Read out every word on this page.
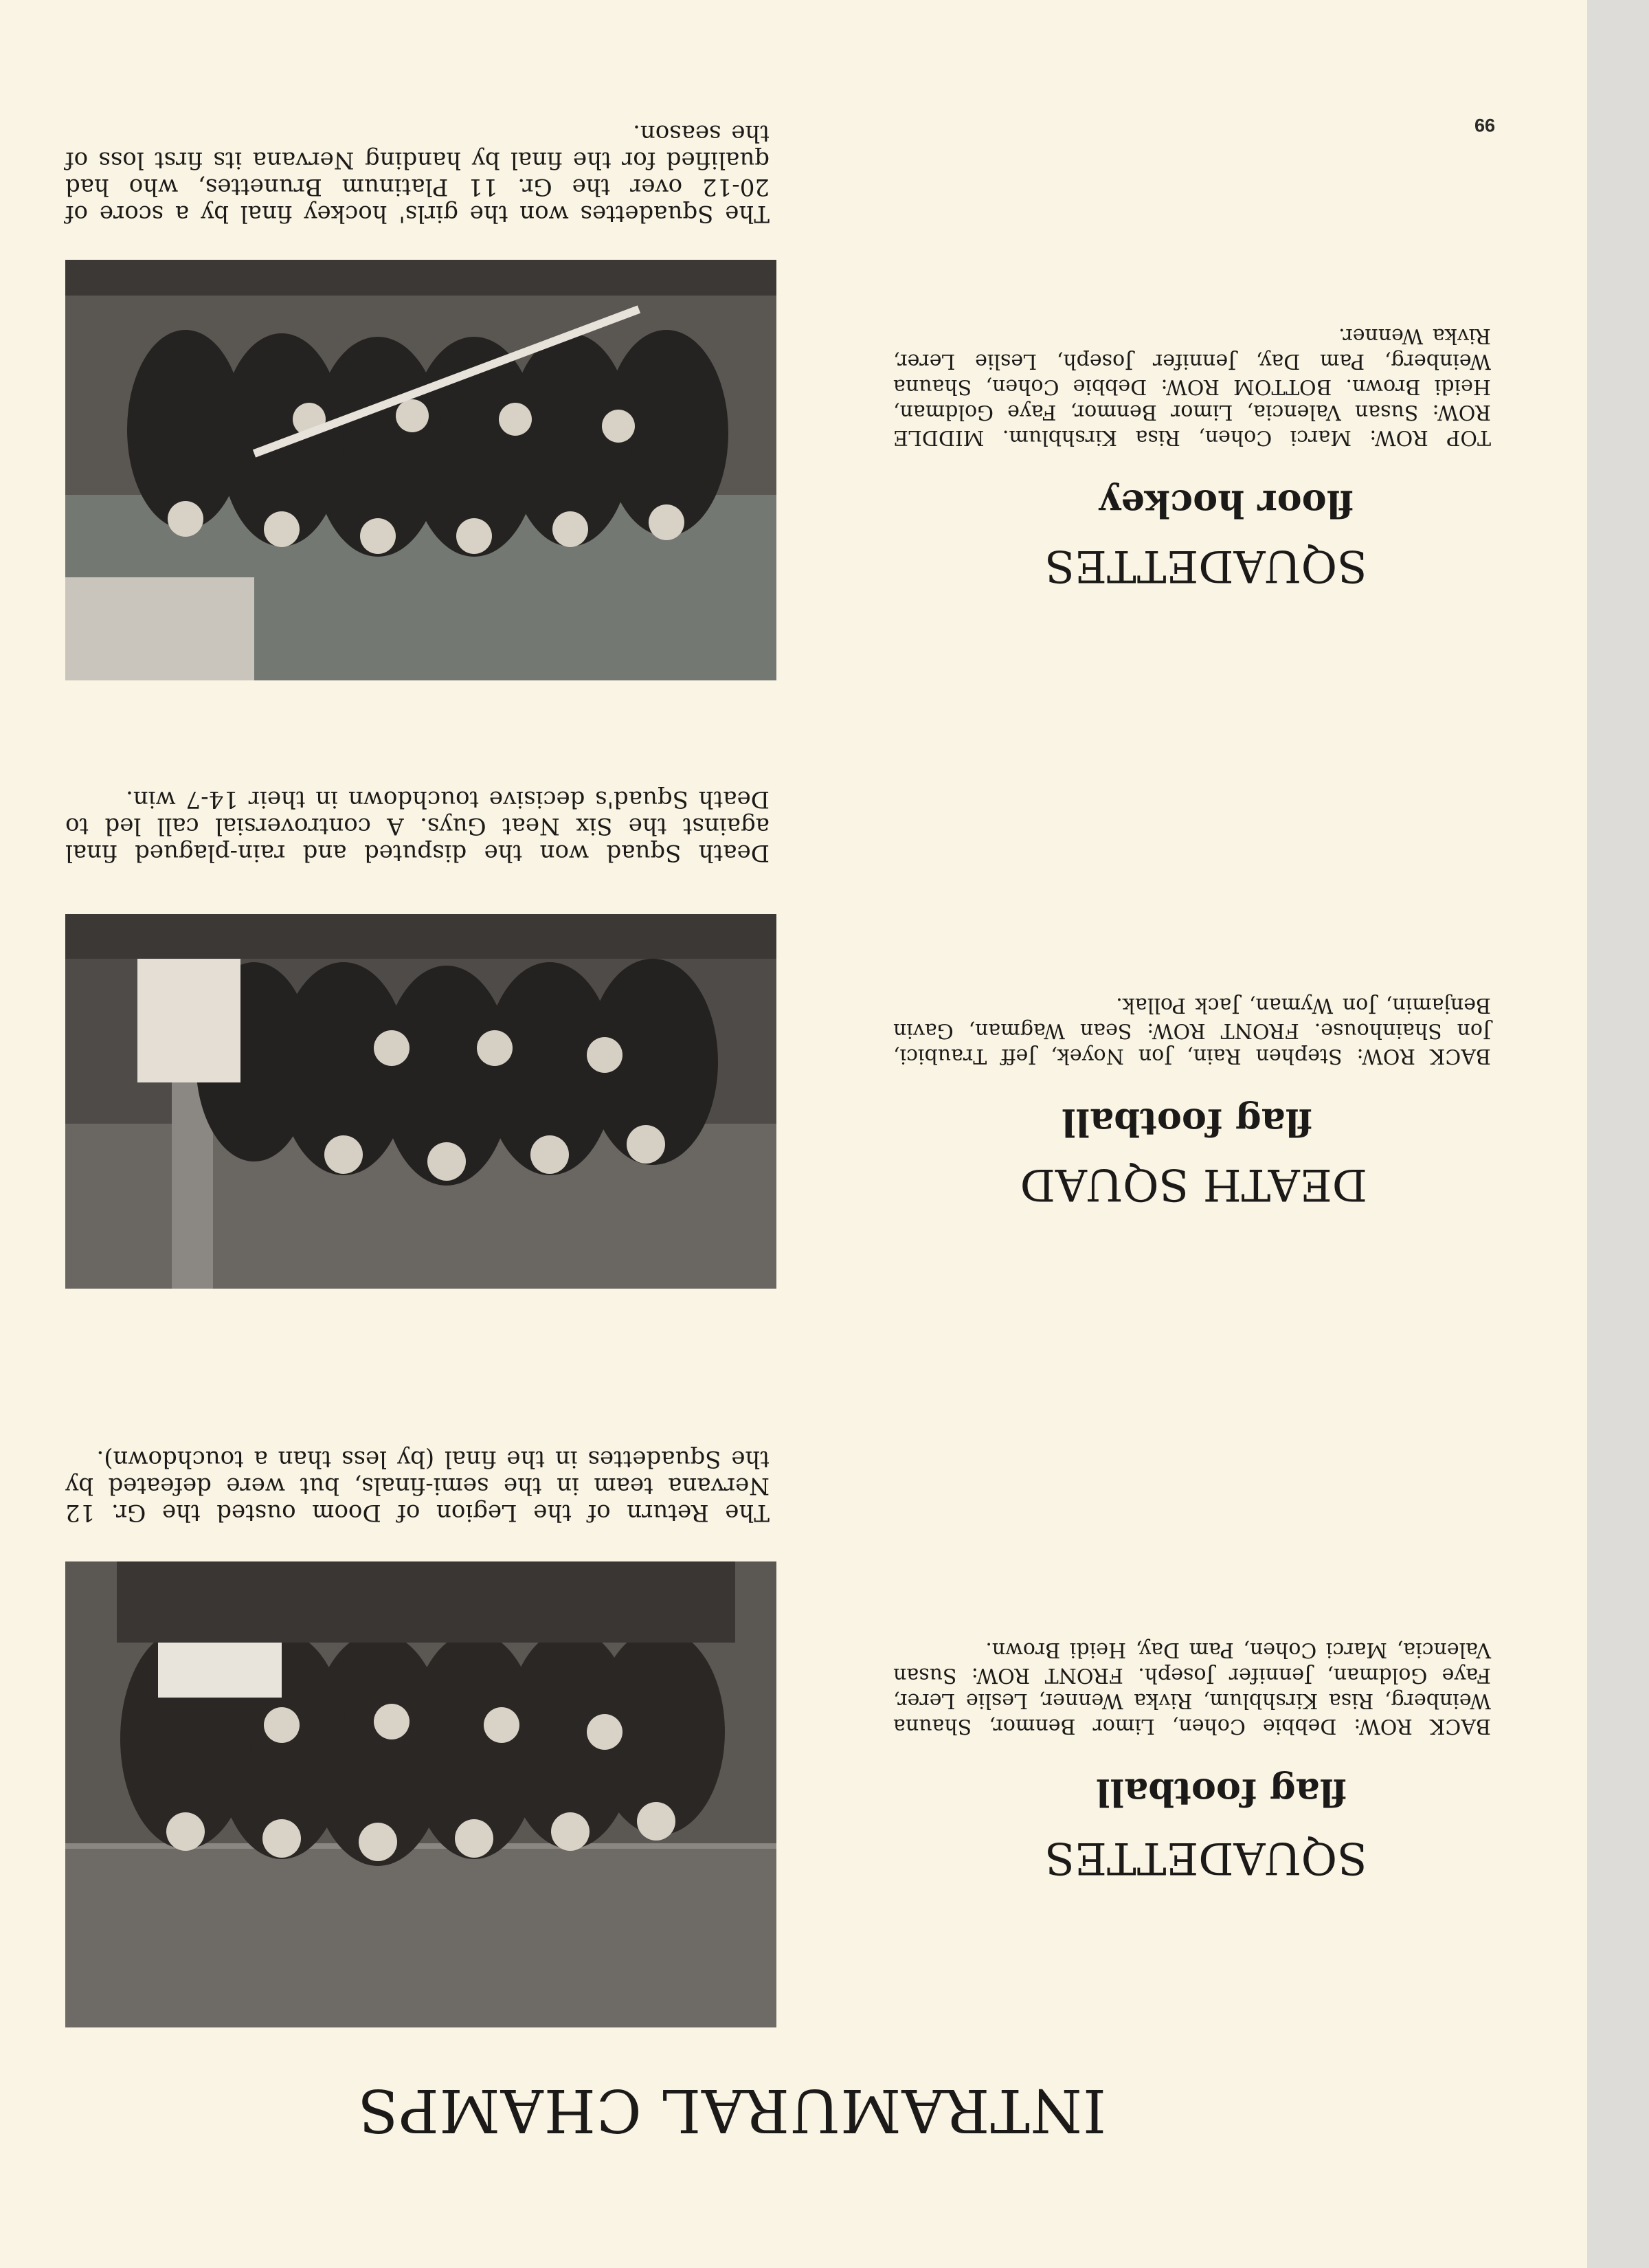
99
INTRAMURAL CHAMPS
SQUADETTES
flag football
BACK ROW: Debbie Cohen, Limor Benmor, Shauna Weinberg, Risa Kirshblum, Rivka Wenner, Leslie Lerer, Faye Goldman, Jennifer Joseph. FRONT ROW: Susan Valencia, Marci Cohen, Pam Day, Heidi Brown.
The Return of the Legion of Doom ousted the Gr. 12 Nervana team in the semi-finals, but were defeated by the Squadettes in the final (by less than a touchdown).
DEATH SQUAD
flag football
BACK ROW: Stephen Rain, Jon Noyek, Jeff Traubici, Jon Shainhouse. FRONT ROW: Sean Wagman, Gavin Benjamin, Jon Wyman, Jack Pollak.
Death Squad won the disputed and rain-plagued final against the Six Neat Guys. A controversial call led to Death Squad's decisive touchdown in their 14-7 win.
SQUADETTES
floor hockey
TOP ROW: Marci Cohen, Risa Kirshblum. MIDDLE ROW: Susan Valencia, Limor Benmor, Faye Goldman, Heidi Brown. BOTTOM ROW: Debbie Cohen, Shauna Weinberg, Pam Day, Jennifer Joseph, Leslie Lerer, Rivka Wenner.
The Squadettes won the girls' hockey final by a score of 20-12 over the Gr. 11 Platinum Brunettes, who had qualified for the final by handing Nervana its first loss of the season.
